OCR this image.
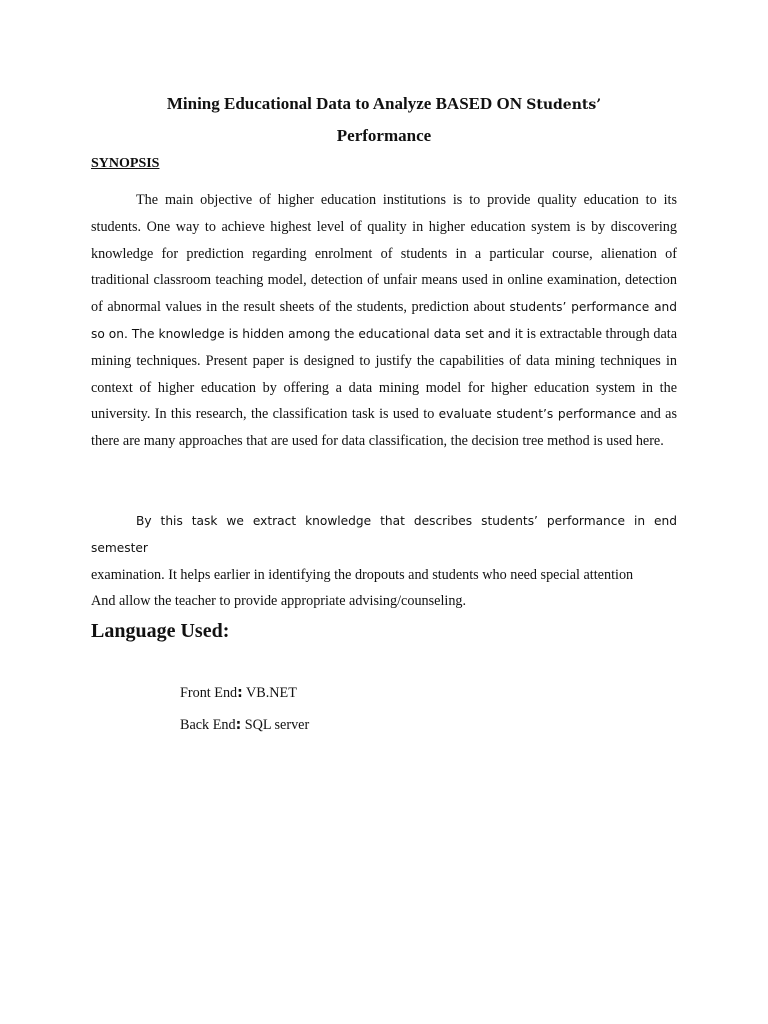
Mining Educational Data to Analyze BASED ON Students’
Performance
SYNOPSIS

The main objective of higher education institutions is to provide quality education to its students. One way to achieve highest level of quality in higher education system is by discovering knowledge for prediction regarding enrolment of students in a particular course, alienation of traditional classroom teaching model, detection of unfair means used in online examination, detection of abnormal values in the result sheets of the students, prediction about students’ performance and so on. The knowledge is hidden among the educational data set and it is extractable through data mining techniques. Present paper is designed to justify the capabilities of data mining techniques in context of higher education by offering a data mining model for higher education system in the university. In this research, the classification task is used to evaluate student’s performance and as there are many approaches that are used for data classification, the decision tree method is used here.

By this task we extract knowledge that describes students’ performance in end semester
examination. It helps earlier in identifying the dropouts and students who need special attention
And allow the teacher to provide appropriate advising/counseling.

Language Used:

Front End: VB.NET

Back End: SQL server
